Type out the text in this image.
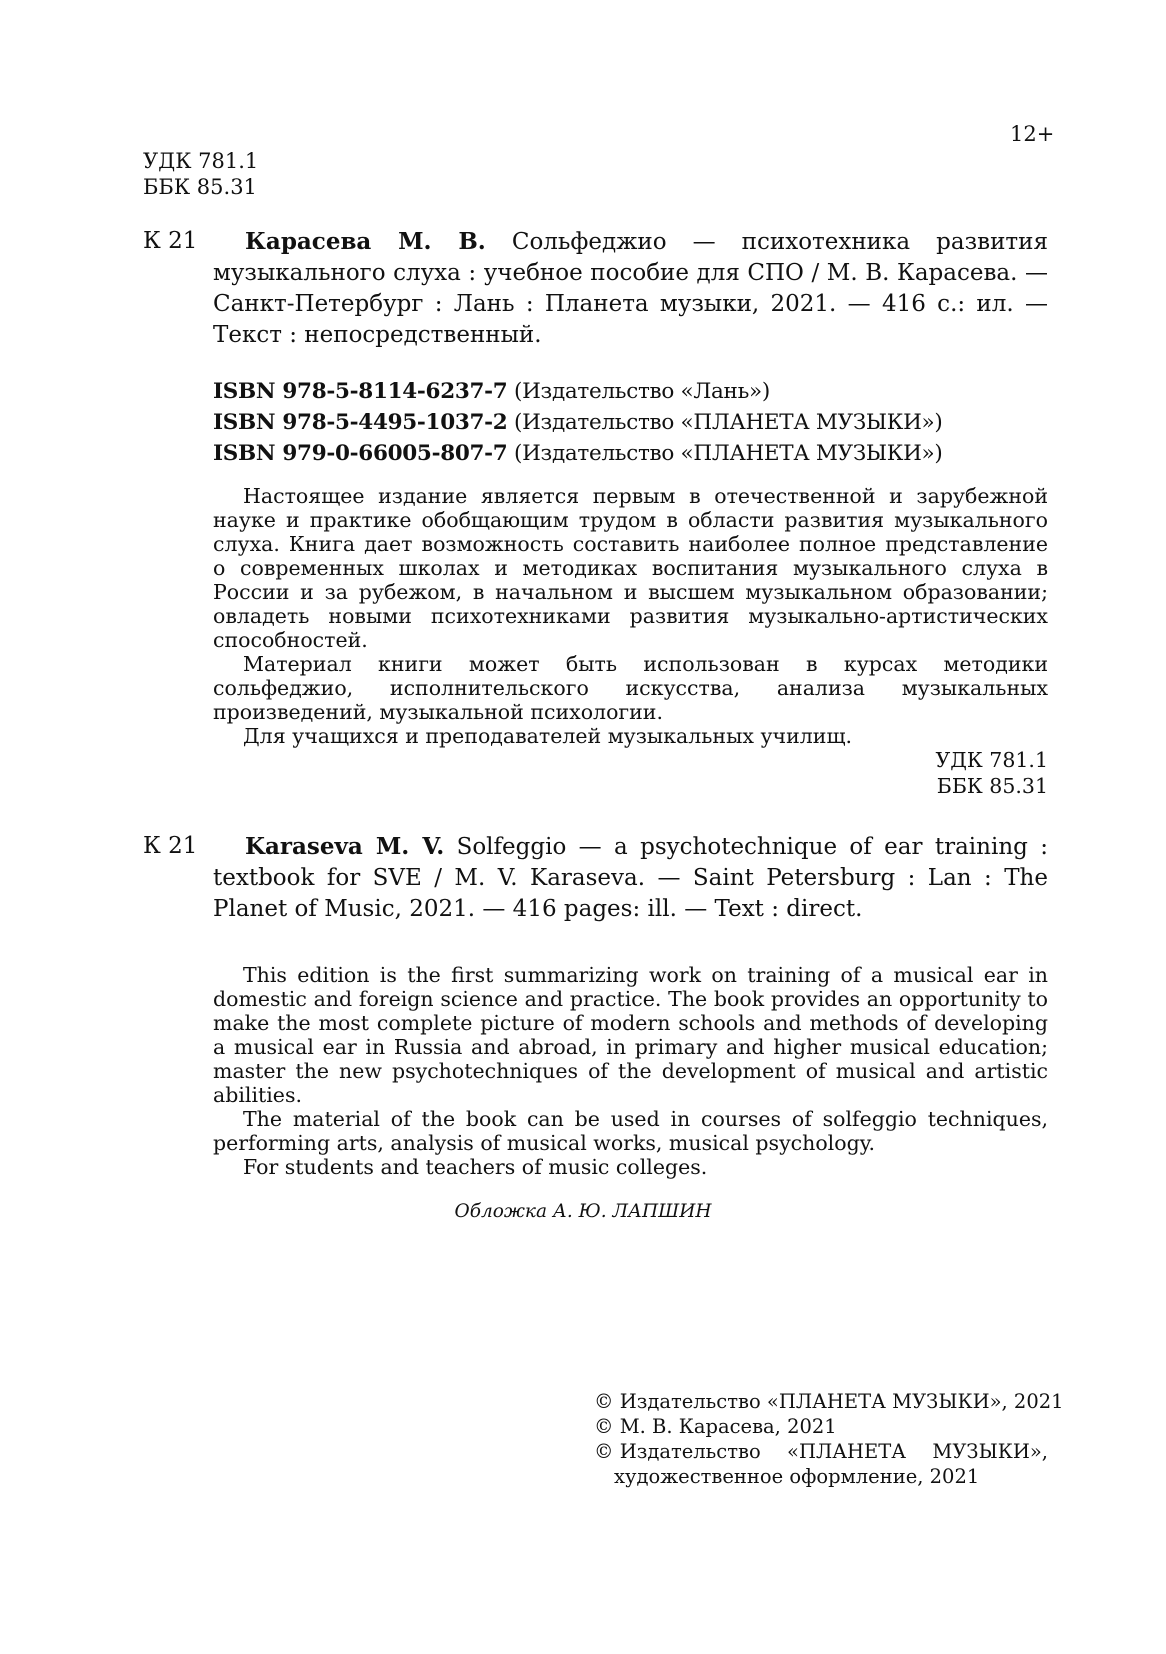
12+
УДК 781.1
ББК 85.31
К 21	Карасева М. В. Сольфеджио — психотехника развития музыкального слуха : учебное пособие для СПО / М. В. Карасева. — Санкт-Петербург : Лань : Планета музыки, 2021. — 416 с.: ил. — Текст : непосредственный.
ISBN 978-5-8114-6237-7 (Издательство «Лань»)
ISBN 978-5-4495-1037-2 (Издательство «ПЛАНЕТА МУЗЫКИ»)
ISBN 979-0-66005-807-7 (Издательство «ПЛАНЕТА МУЗЫКИ»)

Настоящее издание является первым в отечественной и зарубежной науке и практике обобщающим трудом в области развития музыкального слуха. Книга дает возможность составить наиболее полное представление о современных школах и методиках воспитания музыкального слуха в России и за рубежом, в начальном и высшем музыкальном образовании; овладеть новыми психотехниками развития музыкально-артистических способностей.

Материал книги может быть использован в курсах методики сольфеджио, исполнительского искусства, анализа музыкальных произведений, музыкальной психологии.

Для учащихся и преподавателей музыкальных училищ.

УДК 781.1
ББК 85.31
К 21	Karaseva M. V. Solfeggio — a psychotechnique of ear training : textbook for SVE / M. V. Karaseva. — Saint Petersburg : Lan : The Planet of Music, 2021. — 416 pages: ill. — Text : direct.

This edition is the first summarizing work on training of a musical ear in domestic and foreign science and practice. The book provides an opportunity to make the most complete picture of modern schools and methods of developing a musical ear in Russia and abroad, in primary and higher musical education; master the new psychotechniques of the development of musical and artistic abilities.

The material of the book can be used in courses of solfeggio techniques, performing arts, analysis of musical works, musical psychology.

For students and teachers of music colleges.

Обложка А. Ю. ЛАПШИН
© Издательство «ПЛАНЕТА МУЗЫКИ», 2021
© М. В. Карасева, 2021
© Издательство «ПЛАНЕТА МУЗЫКИ»,
художественное оформление, 2021
